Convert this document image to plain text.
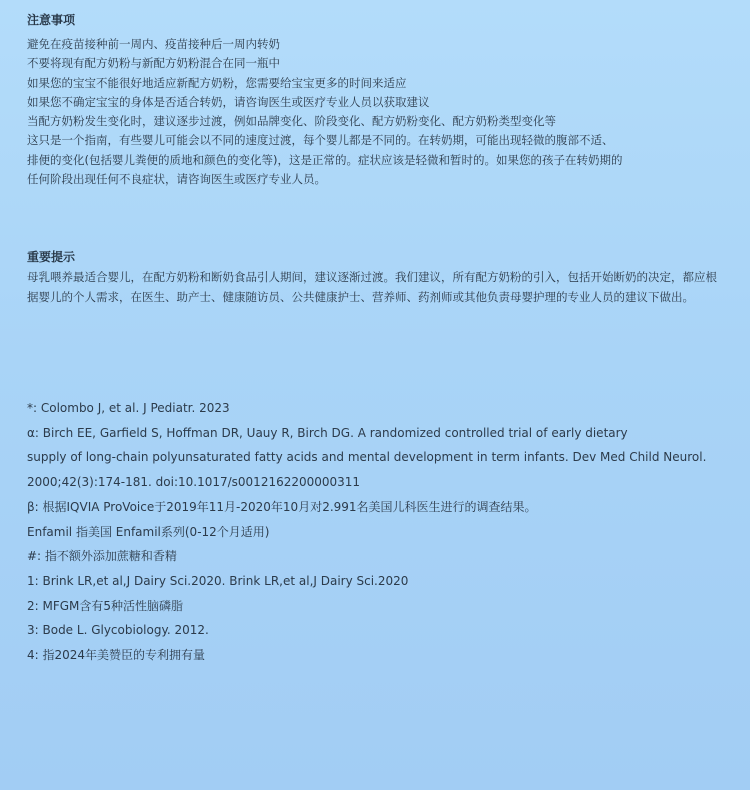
注意事项
避免在疫苗接种前一周内、疫苗接种后一周内转奶
不要将现有配方奶粉与新配方奶粉混合在同一瓶中
如果您的宝宝不能很好地适应新配方奶粉，您需要给宝宝更多的时间来适应
如果您不确定宝宝的身体是否适合转奶，请咨询医生或医疗专业人员以获取建议
当配方奶粉发生变化时，建议逐步过渡，例如品牌变化、阶段变化、配方奶粉变化、配方奶粉类型变化等
这只是一个指南，有些婴儿可能会以不同的速度过渡，每个婴儿都是不同的。在转奶期，可能出现轻微的腹部不适、
排便的变化(包括婴儿粪便的质地和颜色的变化等)，这是正常的。症状应该是轻微和暂时的。如果您的孩子在转奶期的
任何阶段出现任何不良症状，请咨询医生或医疗专业人员。
重要提示

母乳喂养最适合婴儿，在配方奶粉和断奶食品引人期间，建议逐渐过渡。我们建议，所有配方奶粉的引入，包括开始断奶的决定，都应根据婴儿的个人需求，在医生、助产士、健康随访员、公共健康护士、营养师、药剂师或其他负责母婴护理的专业人员的建议下做出。

*: Colombo J, et al. J Pediatr. 2023
α: Birch EE, Garfield S, Hoffman DR, Uauy R, Birch DG. A randomized controlled trial of early dietary
supply of long-chain polyunsaturated fatty acids and mental development in term infants. Dev Med Child Neurol.
2000;42(3):174-181. doi:10.1017/s0012162200000311
β: 根据IQVIA ProVoice于2019年11月-2020年10月对2.991名美国儿科医生进行的调查结果。
Enfamil 指美国 Enfamil系列(0-12个月适用)
#: 指不额外添加蔗糖和香精
1: Brink LR,et al,J Dairy Sci.2020. Brink LR,et al,J Dairy Sci.2020
2: MFGM含有5种活性脑磷脂
3: Bode L. Glycobiology. 2012.
4: 指2024年美赞臣的专利拥有量
